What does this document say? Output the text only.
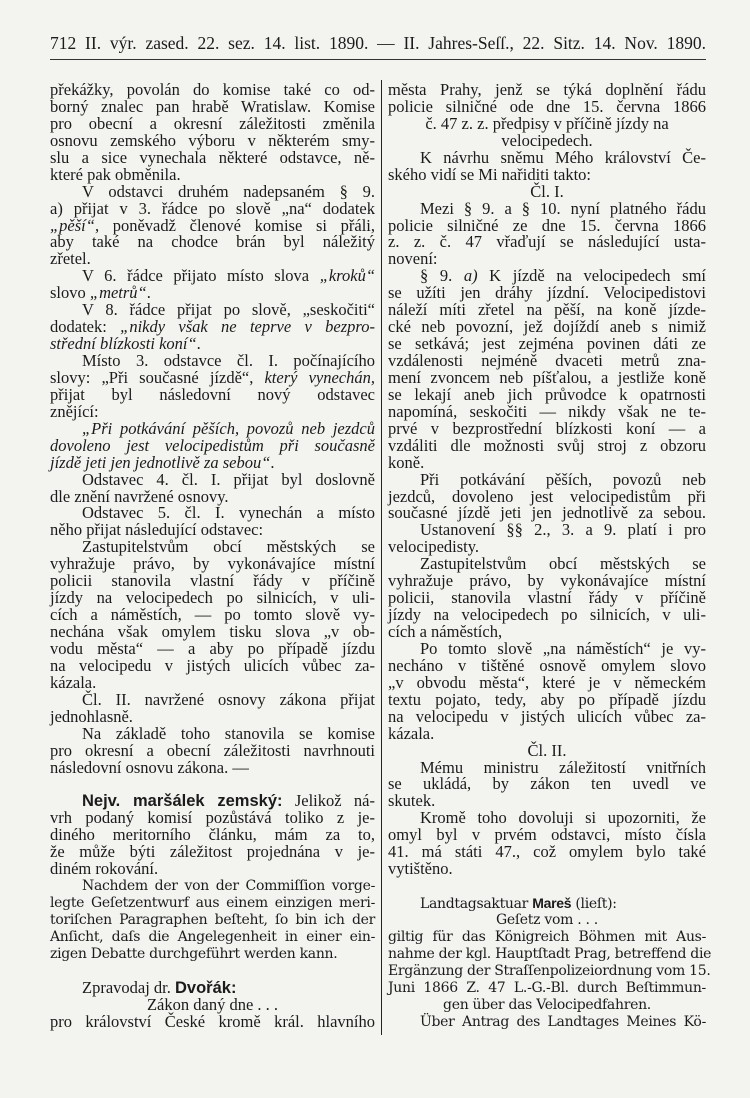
712 II. výr. zased. 22. sez. 14. list. 1890. — II. Jahres-Seſſ., 22. Sitz. 14. Nov. 1890.
překážky, povolán do komise také co od-
borný znalec pan hrabě Wratislaw. Komise
pro obecní a okresní záležitosti změnila
osnovu zemského výboru v některém smy-
slu a sice vynechala některé odstavce, ně-
které pak obměnila.
V odstavci druhém nadepsaném § 9.
a) přijat v 3. řádce po slově „na“ dodatek
„pěší“, poněvadž členové komise si přáli,
aby také na chodce brán byl náležitý
zřetel.
V 6. řádce přijato místo slova „kroků“
slovo „metrů“.
V 8. řádce přijat po slově, „seskočiti“
dodatek: „nikdy však ne teprve v bezpro-
střední blízkosti koní“.
Místo 3. odstavce čl. I. počínajícího
slovy: „Při současné jízdě“, který vynechán,
přijat byl následovní nový odstavec
znějící:
„Při potkávání pěších, povozů neb jezdců
dovoleno jest velocipedistům při současně
jízdě jeti jen jednotlivě za sebou“.
Odstavec 4. čl. I. přijat byl doslovně
dle znění navržené osnovy.
Odstavec 5. čl. I. vynechán a místo
něho přijat následující odstavec:
Zastupitelstvům obcí městských se
vyhražuje právo, by vykonávajíce místní
policii stanovila vlastní řády v příčině
jízdy na velocipedech po silnicích, v uli-
cích a náměstích, — po tomto slově vy-
nechána však omylem tisku slova „v ob-
vodu města“ — a aby po případě jízdu
na velocipedu v jistých ulicích vůbec za-
kázala.
Čl. II. navržené osnovy zákona přijat
jednohlasně.
Na základě toho stanovila se komise
pro okresní a obecní záležitosti navrhnouti
následovní osnovu zákona. —
Nejv. maršálek zemský: Jelikož ná-
vrh podaný komisí pozůstává toliko z je-
diného meritorního článku, mám za to,
že může býti záležitost projednána v je-
diném rokování.
Nachdem der von der Commiſſion vorge-
legte Geſetzentwurf aus einem einzigen meri-
toriſchen Paragraphen beſteht, ſo bin ich der
Anſicht, daſs die Angelegenheit in einer ein-
zigen Debatte durchgeführt werden kann.
Zpravodaj dr. Dvořák:
Zákon daný dne . . .
pro království České kromě král. hlavního
města Prahy, jenž se týká doplnění řádu
policie silničné ode dne 15. června 1866
č. 47 z. z. předpisy v příčině jízdy na
velocipedech.
K návrhu sněmu Mého království Če-
ského vidí se Mi nařiditi takto:
Čl. I.
Mezi § 9. a § 10. nyní platného řádu
policie silničné ze dne 15. června 1866
z. z. č. 47 vřaďují se následující usta-
novení:
§ 9. a) K jízdě na velocipedech smí
se užíti jen dráhy jízdní. Velocipedistovi
náleží míti zřetel na pěší, na koně jízde-
cké neb povozní, jež dojíždí aneb s nimiž
se setkává; jest zejména povinen dáti ze
vzdálenosti nejméně dvaceti metrů zna-
mení zvoncem neb píšťalou, a jestliže koně
se lekají aneb jich průvodce k opatrnosti
napomíná, seskočiti — nikdy však ne te-
prvé v bezprostřední blízkosti koní — a
vzdáliti dle možnosti svůj stroj z obzoru
koně.
Při potkávání pěších, povozů neb
jezdců, dovoleno jest velocipedistům při
současné jízdě jeti jen jednotlivě za sebou.
Ustanovení §§ 2., 3. a 9. platí i pro
velocipedisty.
Zastupitelstvům obcí městských se
vyhražuje právo, by vykonávajíce místní
policii, stanovila vlastní řády v příčině
jízdy na velocipedech po silnicích, v uli-
cích a náměstích,
Po tomto slově „na náměstích“ je vy-
necháno v tištěné osnově omylem slovo
„v obvodu města“, které je v německém
textu pojato, tedy, aby po případě jízdu
na velocipedu v jistých ulicích vůbec za-
kázala.
Čl. II.
Mému ministru záležitostí vnitřních
se ukládá, by zákon ten uvedl ve
skutek.
Kromě toho dovoluji si upozorniti, že
omyl byl v prvém odstavci, místo čísla
41. má státi 47., což omylem bylo také
vytištěno.
Landtagsaktuar Mareš (lieſt):
Geſetz vom . . .
giltig für das Königreich Böhmen mit Aus-
nahme der kgl. Hauptſtadt Prag, betreffend die
Ergänzung der Straſſenpolizeiordnung vom 15.
Juni 1866 Z. 47 L.-G.-Bl. durch Beſtimmun-
gen über das Velocipedfahren.
Über Antrag des Landtages Meines Kö-
